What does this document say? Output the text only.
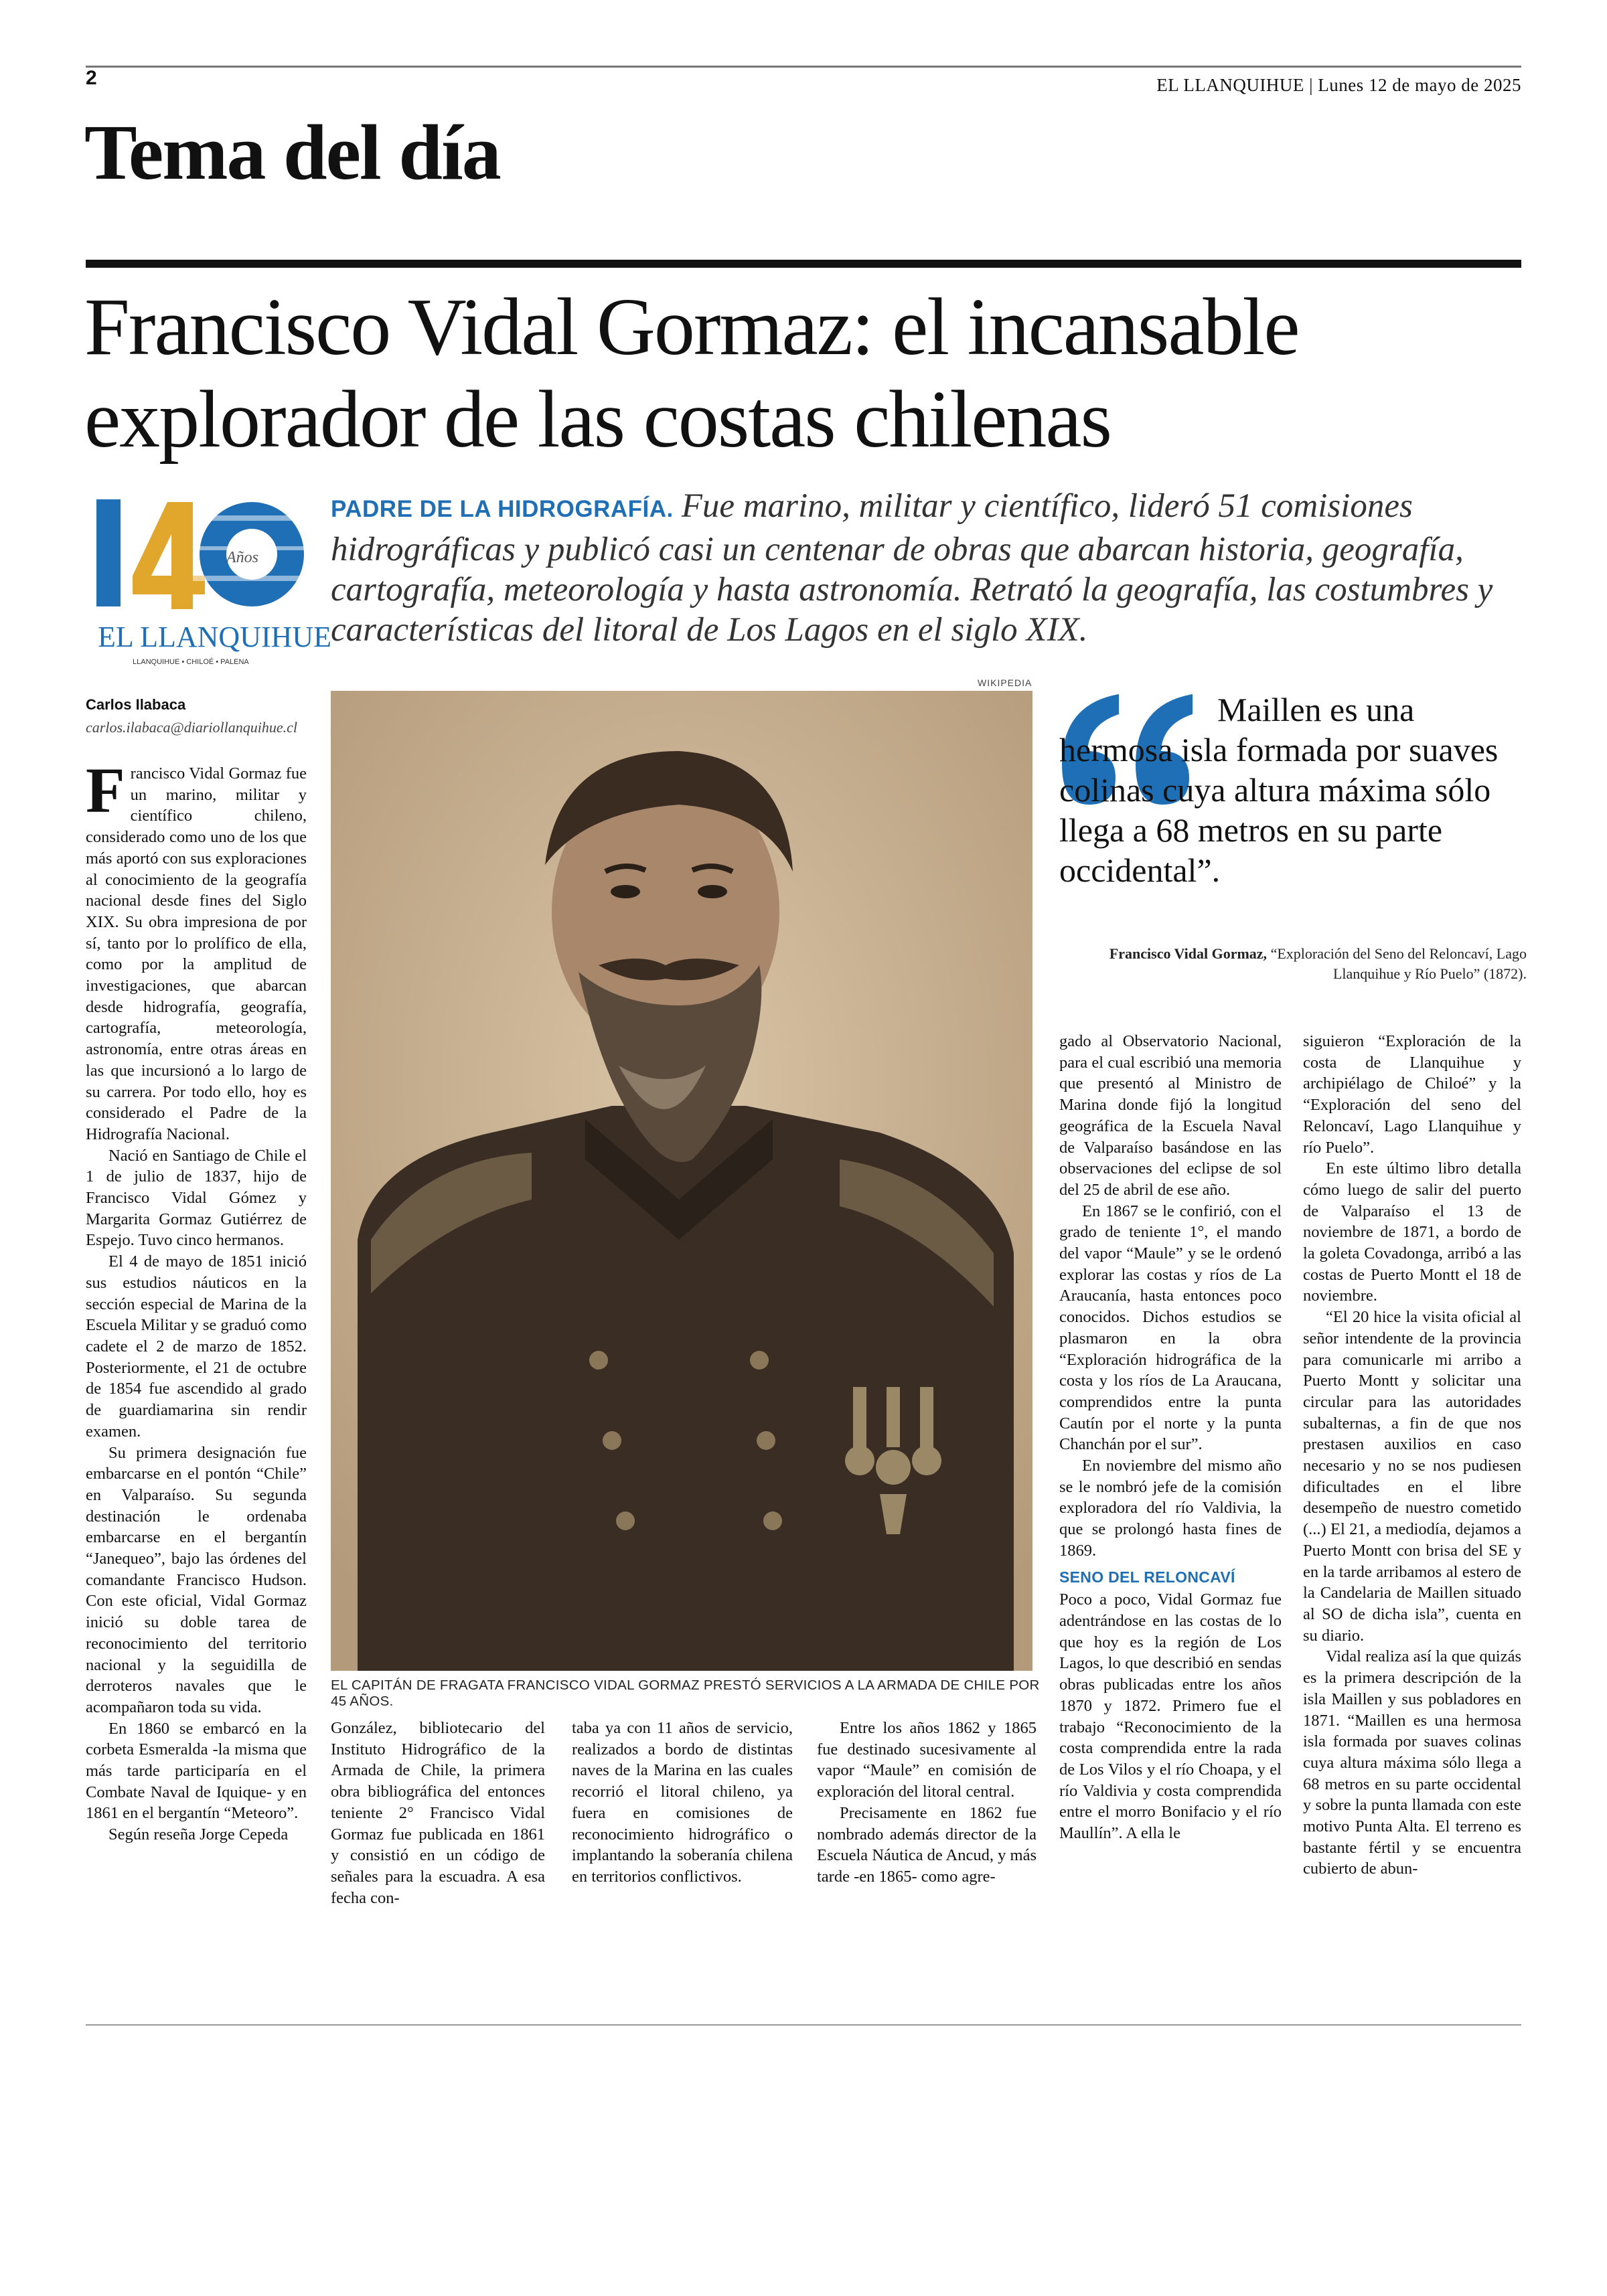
2	EL LLANQUIHUE | Lunes 12 de mayo de 2025
Tema del día
Francisco Vidal Gormaz: el incansable
explorador de las costas chilenas
Años
EL LLANQUIHUE
LLANQUIHUE • CHILOÉ • PALENA
PADRE DE LA HIDROGRAFÍA. Fue marino, militar y científico, lideró 51 comisiones hidrográficas y publicó casi un centenar de obras que abarcan historia, geografía, cartografía, meteorología y hasta astronomía. Retrató la geografía, las costumbres y características del litoral de Los Lagos en el siglo XIX.
Carlos Ilabaca
carlos.ilabaca@diariollanquihue.cl
WIKIPEDIA
EL CAPITÁN DE FRAGATA FRANCISCO VIDAL GORMAZ PRESTÓ SERVICIOS A LA ARMADA DE CHILE POR 45 AÑOS.
Maillen es una hermosa isla formada por suaves colinas cuya altura máxima sólo llega a 68 metros en su parte occidental”.
Francisco Vidal Gormaz, “Exploración del Seno del Reloncaví, Lago Llanquihue y Río Puelo” (1872).

Francisco Vidal Gormaz fue un marino, militar y científico chileno, considerado como uno de los que más aportó con sus exploraciones al conocimiento de la geografía nacional desde fines del Siglo XIX. Su obra impresiona de por sí, tanto por lo prolífico de ella, como por la amplitud de investigaciones, que abarcan desde hidrografía, geografía, cartografía, meteorología, astronomía, entre otras áreas en las que incursionó a lo largo de su carrera. Por todo ello, hoy es considerado el Padre de la Hidrografía Nacional.

Nació en Santiago de Chile el 1 de julio de 1837, hijo de Francisco Vidal Gómez y Margarita Gormaz Gutiérrez de Espejo. Tuvo cinco hermanos.

El 4 de mayo de 1851 inició sus estudios náuticos en la sección especial de Marina de la Escuela Militar y se graduó como cadete el 2 de marzo de 1852. Posteriormente, el 21 de octubre de 1854 fue ascendido al grado de guardiamarina sin rendir examen.

Su primera designación fue embarcarse en el pontón “Chile” en Valparaíso. Su segunda destinación le ordenaba embarcarse en el bergantín “Janequeo”, bajo las órdenes del comandante Francisco Hudson. Con este oficial, Vidal Gormaz inició su doble tarea de reconocimiento del territorio nacional y la seguidilla de derroteros navales que le acompañaron toda su vida.

En 1860 se embarcó en la corbeta Esmeralda -la misma que más tarde participaría en el Combate Naval de Iquique- y en 1861 en el bergantín “Meteoro”.

Según reseña Jorge Cepeda

González, bibliotecario del Instituto Hidrográfico de la Armada de Chile, la primera obra bibliográfica del entonces teniente 2° Francisco Vidal Gormaz fue publicada en 1861 y consistió en un código de señales para la escuadra. A esa fecha con-

taba ya con 11 años de servicio, realizados a bordo de distintas naves de la Marina en las cuales recorrió el litoral chileno, ya fuera en comisiones de reconocimiento hidrográfico o implantando la soberanía chilena en territorios conflictivos.

Entre los años 1862 y 1865 fue destinado sucesivamente al vapor “Maule” en comisión de exploración del litoral central.

Precisamente en 1862 fue nombrado además director de la Escuela Náutica de Ancud, y más tarde -en 1865- como agre-

gado al Observatorio Nacional, para el cual escribió una memoria que presentó al Ministro de Marina donde fijó la longitud geográfica de la Escuela Naval de Valparaíso basándose en las observaciones del eclipse de sol del 25 de abril de ese año.

En 1867 se le confirió, con el grado de teniente 1°, el mando del vapor “Maule” y se le ordenó explorar las costas y ríos de La Araucanía, hasta entonces poco conocidos. Dichos estudios se plasmaron en la obra “Exploración hidrográfica de la costa y los ríos de La Araucana, comprendidos entre la punta Cautín por el norte y la punta Chanchán por el sur”.

En noviembre del mismo año se le nombró jefe de la comisión exploradora del río Valdivia, la que se prolongó hasta fines de 1869.

SENO DEL RELONCAVÍ

Poco a poco, Vidal Gormaz fue adentrándose en las costas de lo que hoy es la región de Los Lagos, lo que describió en sendas obras publicadas entre los años 1870 y 1872. Primero fue el trabajo “Reconocimiento de la costa comprendida entre la rada de Los Vilos y el río Choapa, y el río Valdivia y costa comprendida entre el morro Bonifacio y el río Maullín”. A ella le

siguieron “Exploración de la costa de Llanquihue y archipiélago de Chiloé” y la “Exploración del seno del Reloncaví, Lago Llanquihue y río Puelo”.

En este último libro detalla cómo luego de salir del puerto de Valparaíso el 13 de noviembre de 1871, a bordo de la goleta Covadonga, arribó a las costas de Puerto Montt el 18 de noviembre.

“El 20 hice la visita oficial al señor intendente de la provincia para comunicarle mi arribo a Puerto Montt y solicitar una circular para las autoridades subalternas, a fin de que nos prestasen auxilios en caso necesario y no se nos pudiesen dificultades en el libre desempeño de nuestro cometido (...) El 21, a mediodía, dejamos a Puerto Montt con brisa del SE y en la tarde arribamos al estero de la Candelaria de Maillen situado al SO de dicha isla”, cuenta en su diario.

Vidal realiza así la que quizás es la primera descripción de la isla Maillen y sus pobladores en 1871. “Maillen es una hermosa isla formada por suaves colinas cuya altura máxima sólo llega a 68 metros en su parte occidental y sobre la punta llamada con este motivo Punta Alta. El terreno es bastante fértil y se encuentra cubierto de abun-
